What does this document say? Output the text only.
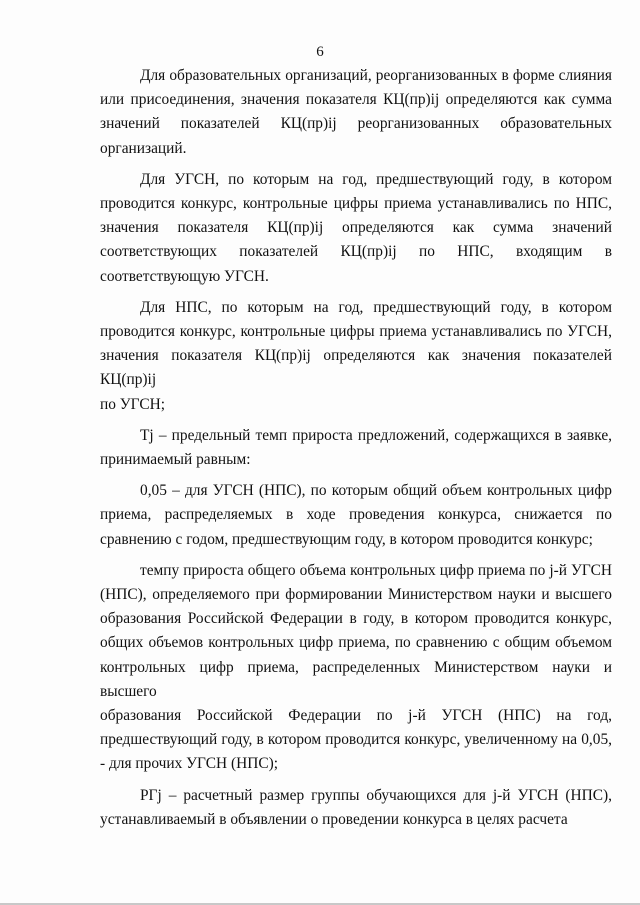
6
Для образовательных организаций, реорганизованных в форме слияния
или присоединения, значения показателя КЦ(пр)ij определяются как сумма
значений показателей КЦ(пр)ij реорганизованных образовательных
организаций.
Для УГСН, по которым на год, предшествующий году, в котором
проводится конкурс, контрольные цифры приема устанавливались по НПС,
значения показателя КЦ(пр)ij определяются как сумма значений
соответствующих показателей КЦ(пр)ij по НПС, входящим в
соответствующую УГСН.
Для НПС, по которым на год, предшествующий году, в котором
проводится конкурс, контрольные цифры приема устанавливались по УГСН,
значения показателя КЦ(пр)ij определяются как значения показателей КЦ(пр)ij
по УГСН;
Тj – предельный темп прироста предложений, содержащихся в заявке,
принимаемый равным:
0,05 – для УГСН (НПС), по которым общий объем контрольных цифр
приема, распределяемых в ходе проведения конкурса, снижается по
сравнению с годом, предшествующим году, в котором проводится конкурс;
темпу прироста общего объема контрольных цифр приема по j-й УГСН
(НПС), определяемого при формировании Министерством науки и высшего
образования Российской Федерации в году, в котором проводится конкурс,
общих объемов контрольных цифр приема, по сравнению с общим объемом
контрольных цифр приема, распределенных Министерством науки и высшего
образования Российской Федерации по j-й УГСН (НПС) на год,
предшествующий году, в котором проводится конкурс, увеличенному на 0,05,
- для прочих УГСН (НПС);
РГj – расчетный размер группы обучающихся для j-й УГСН (НПС),
устанавливаемый в объявлении о проведении конкурса в целях расчета
